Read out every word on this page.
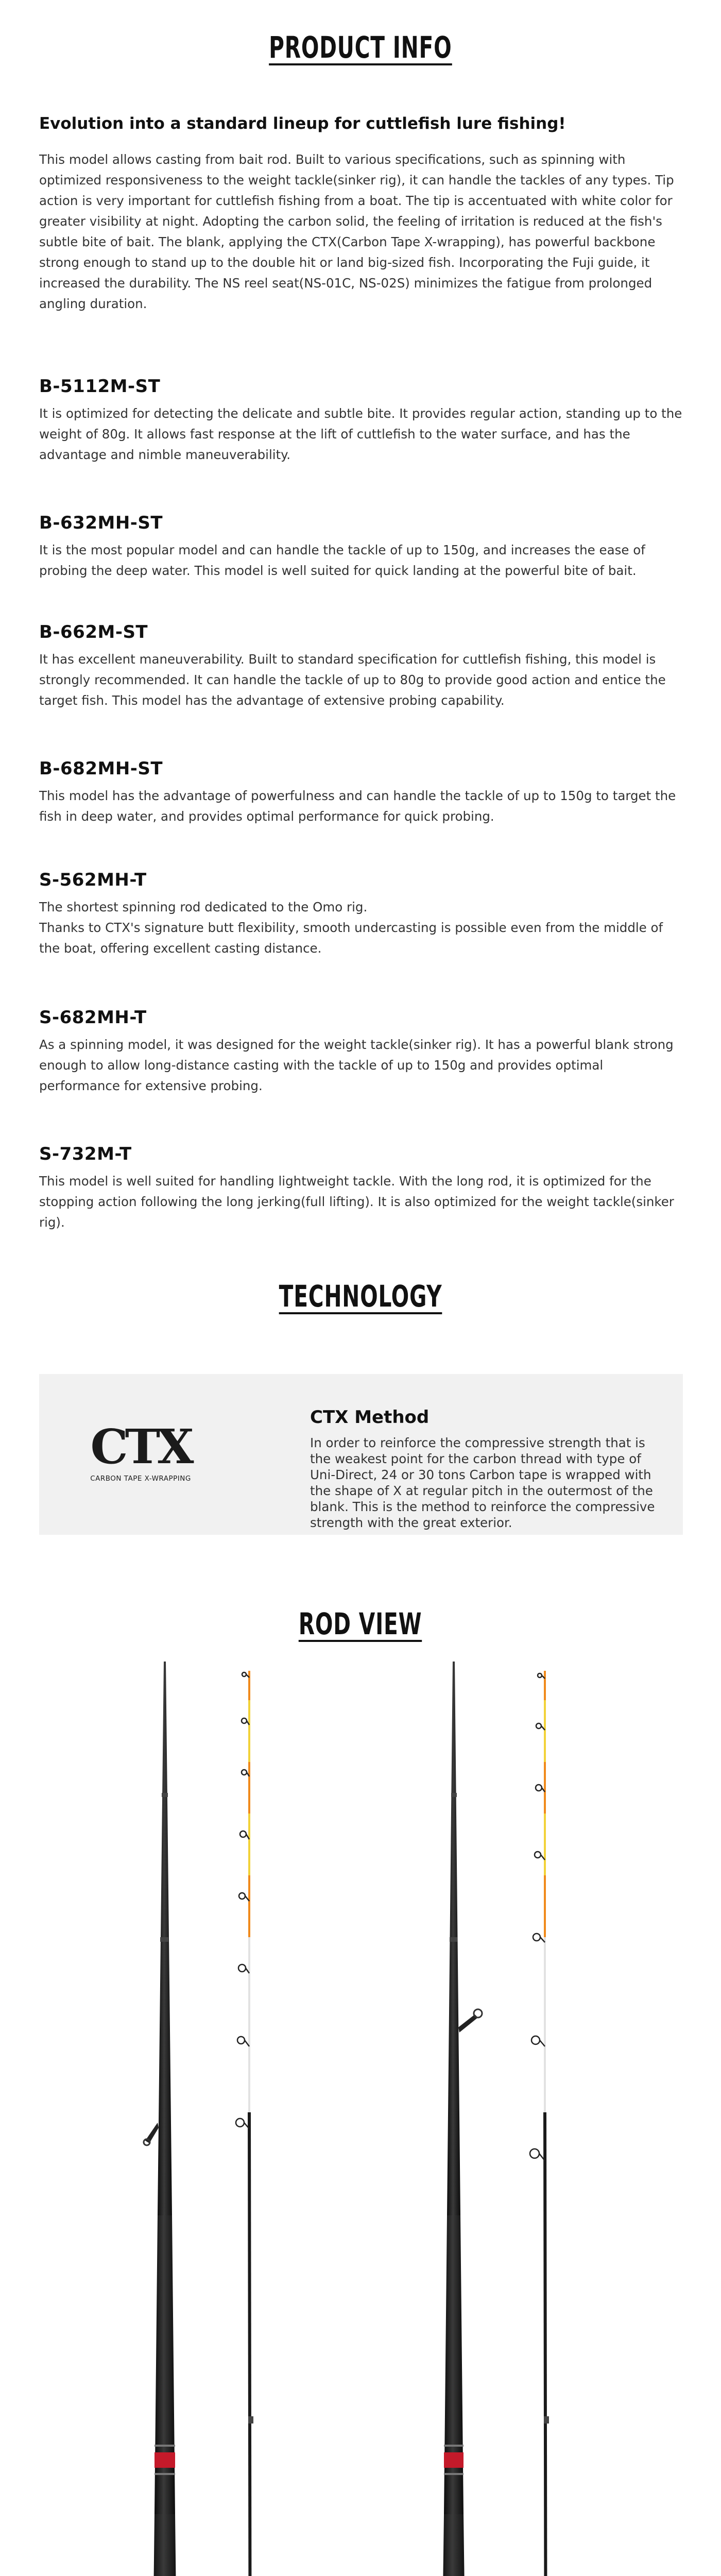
PRODUCT INFO

Evolution into a standard lineup for cuttlefish lure fishing!

This model allows casting from bait rod. Built to various specifications, such as spinning with optimized responsiveness to the weight tackle(sinker rig), it can handle the tackles of any types. Tip action is very important for cuttlefish fishing from a boat. The tip is accentuated with white color for greater visibility at night. Adopting the carbon solid, the feeling of irritation is reduced at the fish's subtle bite of bait. The blank, applying the CTX(Carbon Tape X-wrapping), has powerful backbone strong enough to stand up to the double hit or land big-sized fish. Incorporating the Fuji guide, it increased the durability. The NS reel seat(NS-01C, NS-02S) minimizes the fatigue from prolonged angling duration.

B-5112M-ST

It is optimized for detecting the delicate and subtle bite. It provides regular action, standing up to the weight of 80g. It allows fast response at the lift of cuttlefish to the water surface, and has the advantage and nimble maneuverability.

B-632MH-ST

It is the most popular model and can handle the tackle of up to 150g, and increases the ease of probing the deep water. This model is well suited for quick landing at the powerful bite of bait.

B-662M-ST

It has excellent maneuverability. Built to standard specification for cuttlefish fishing, this model is strongly recommended. It can handle the tackle of up to 80g to provide good action and entice the target fish. This model has the advantage of extensive probing capability.

B-682MH-ST

This model has the advantage of powerfulness and can handle the tackle of up to 150g to target the fish in deep water, and provides optimal performance for quick probing.

S-562MH-T

The shortest spinning rod dedicated to the Omo rig.

Thanks to CTX's signature butt flexibility, smooth undercasting is possible even from the middle of the boat, offering excellent casting distance.

S-682MH-T

As a spinning model, it was designed for the weight tackle(sinker rig). It has a powerful blank strong enough to allow long-distance casting with the tackle of up to 150g and provides optimal performance for extensive probing.

S-732M-T

This model is well suited for handling lightweight tackle. With the long rod, it is optimized for the stopping action following the long jerking(full lifting). It is also optimized for the weight tackle(sinker rig).

TECHNOLOGY
CTX
CARBON TAPE X-WRAPPING
CTX Method

In order to reinforce the compressive strength that is the weakest point for the carbon thread with type of Uni-Direct, 24 or 30 tons Carbon tape is wrapped with the shape of X at regular pitch in the outermost of the blank. This is the method to reinforce the compressive strength with the great exterior.

ROD VIEW
